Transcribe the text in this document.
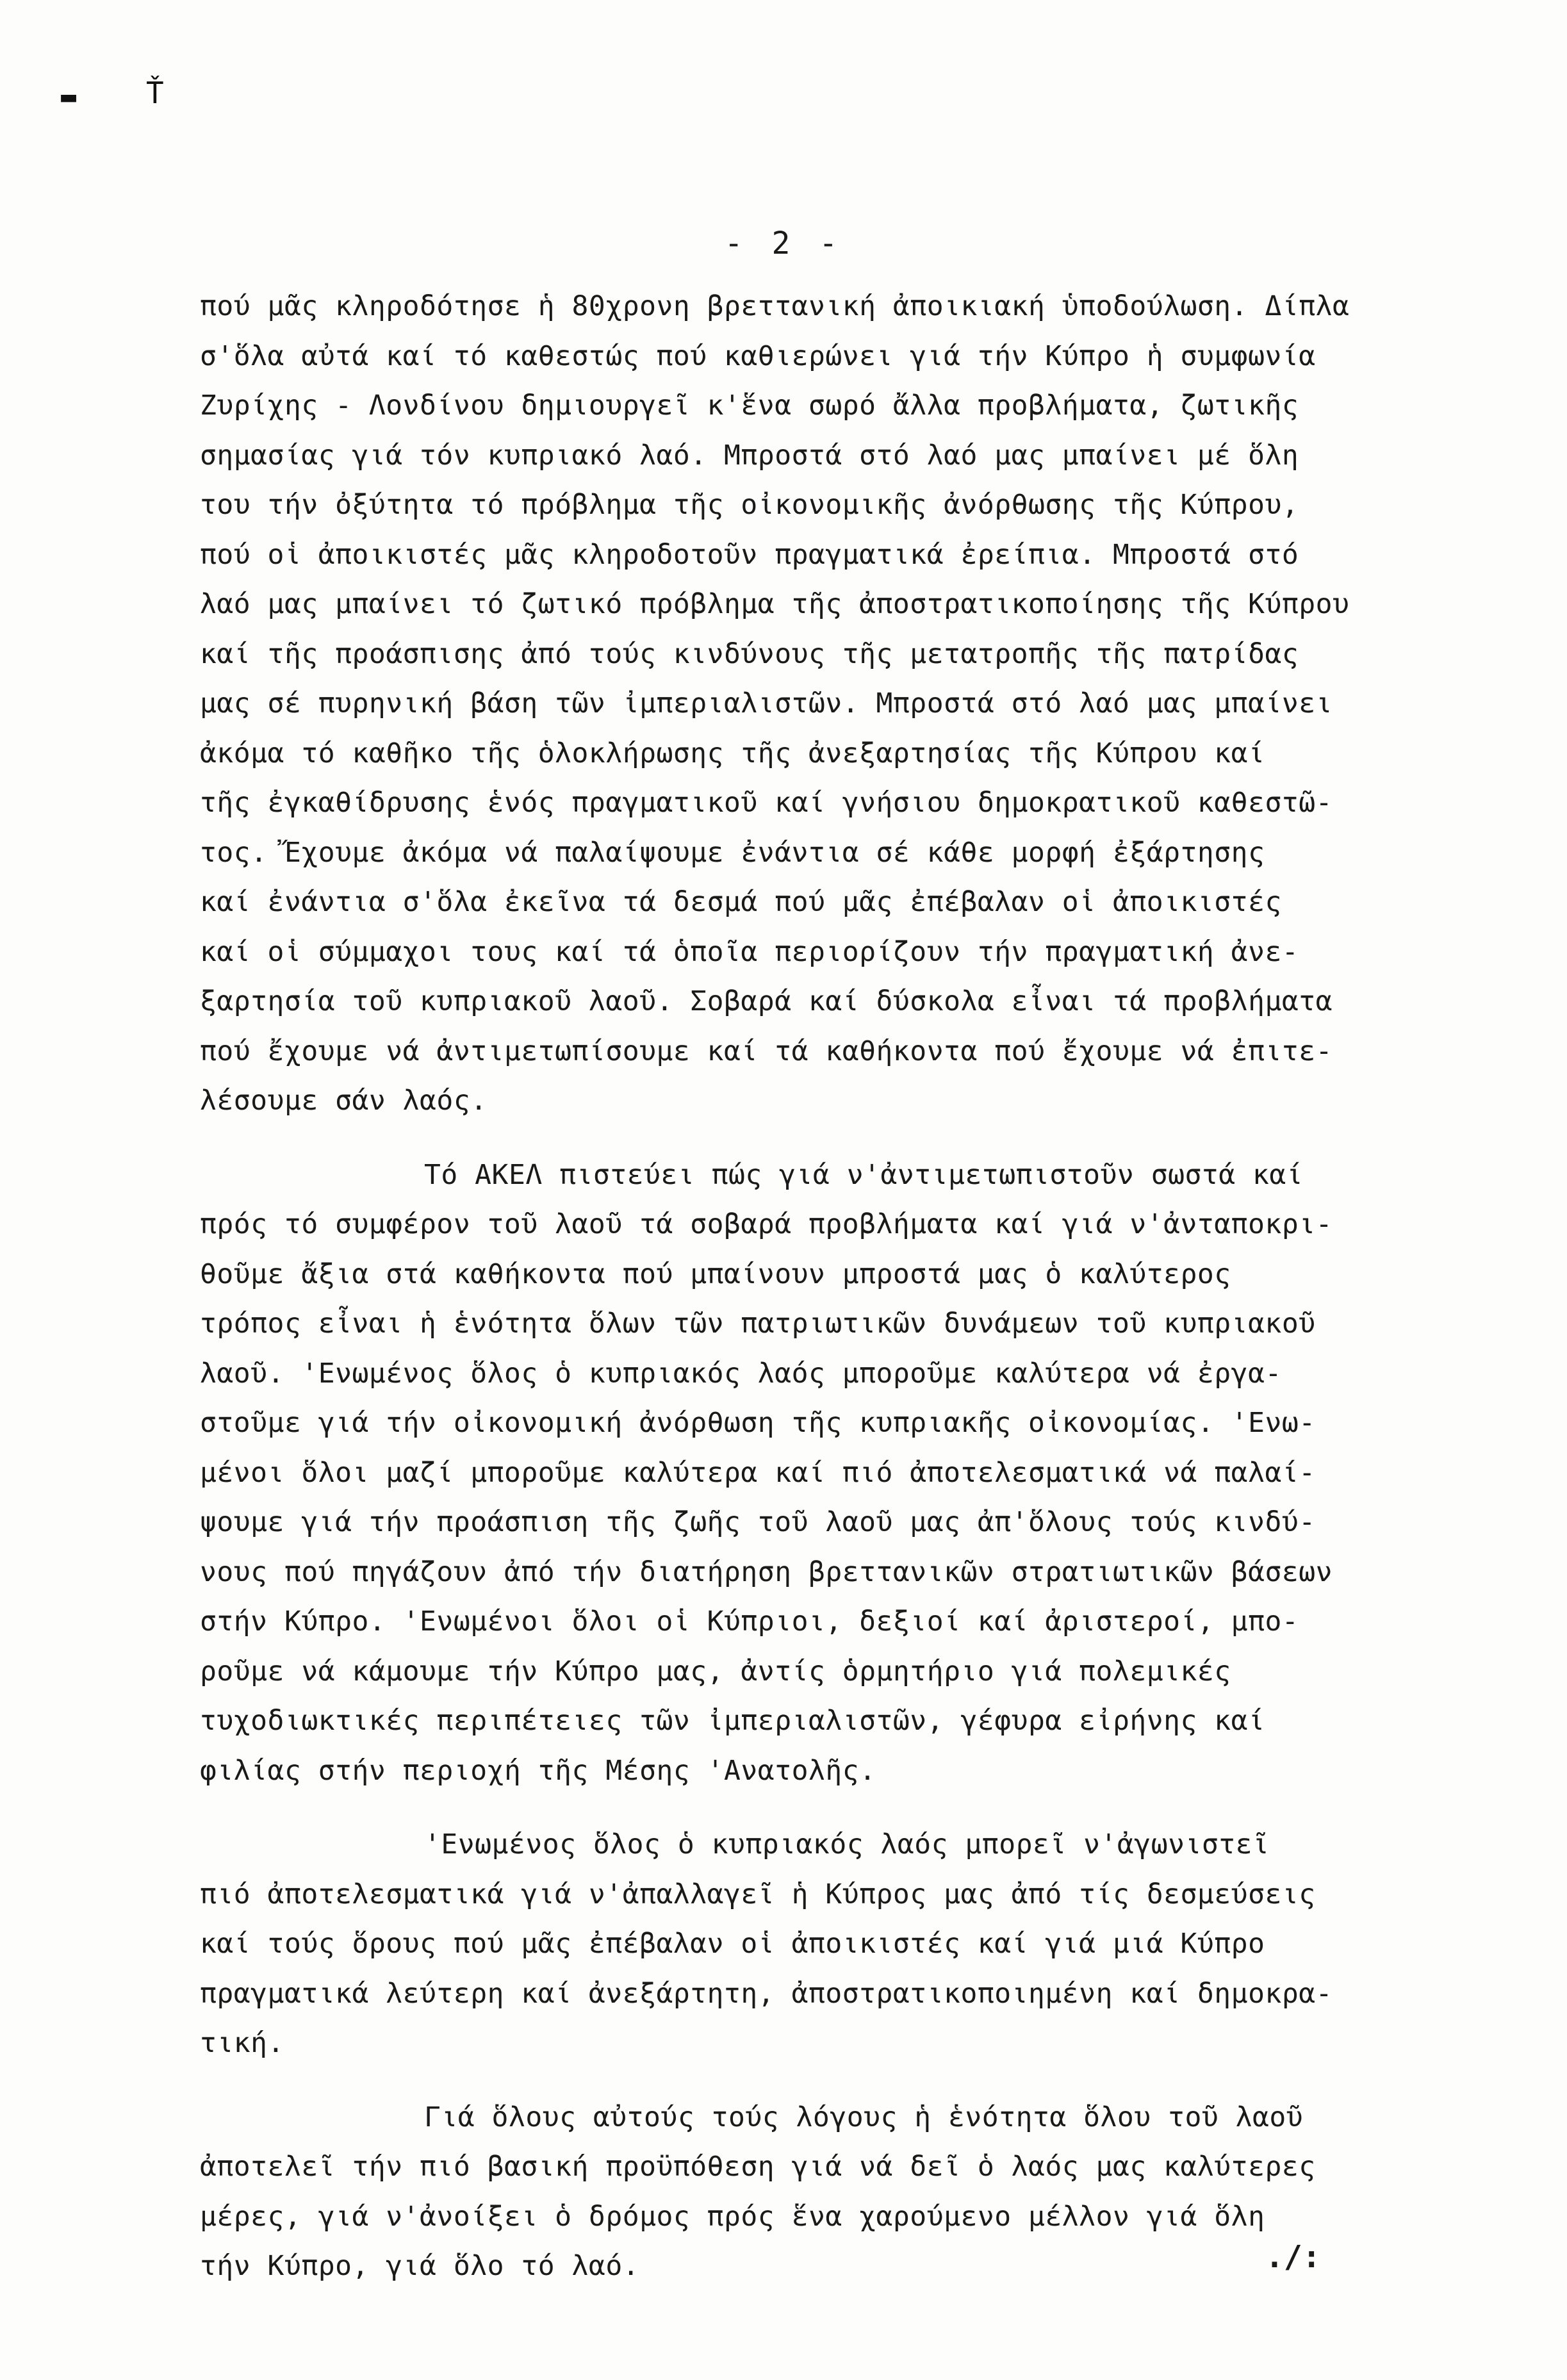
▬ Ť
- 2 -
πού μᾶς κληροδότησε ἡ 80χρονη βρεττανική ἀποικιακή ὑποδούλωση. Δίπλα
σ'ὅλα αὐτά καί τό καθεστώς πού καθιερώνει γιά τήν Κύπρο ἡ συμφωνία
Ζυρίχης - Λονδίνου δημιουργεῖ κ'ἕνα σωρό ἄλλα προβλήματα, ζωτικῆς
σημασίας γιά τόν κυπριακό λαό. Μπροστά στό λαό μας μπαίνει μέ ὅλη
του τήν ὀξύτητα τό πρόβλημα τῆς οἰκονομικῆς ἀνόρθωσης τῆς Κύπρου,
πού οἱ ἀποικιστές μᾶς κληροδοτοῦν πραγματικά ἐρείπια. Μπροστά στό
λαό μας μπαίνει τό ζωτικό πρόβλημα τῆς ἀποστρατικοποίησης τῆς Κύπρου
καί τῆς προάσπισης ἀπό τούς κινδύνους τῆς μετατροπῆς τῆς πατρίδας
μας σέ πυρηνική βάση τῶν ἰμπεριαλιστῶν. Μπροστά στό λαό μας μπαίνει
ἀκόμα τό καθῆκο τῆς ὁλοκλήρωσης τῆς ἀνεξαρτησίας τῆς Κύπρου καί
τῆς ἐγκαθίδρυσης ἑνός πραγματικοῦ καί γνήσιου δημοκρατικοῦ καθεστῶ-
τος. Ἔχουμε ἀκόμα νά παλαίψουμε ἐνάντια σέ κάθε μορφή ἐξάρτησης
καί ἐνάντια σ'ὅλα ἐκεῖνα τά δεσμά πού μᾶς ἐπέβαλαν οἱ ἀποικιστές
καί οἱ σύμμαχοι τους καί τά ὁποῖα περιορίζουν τήν πραγματική ἀνε-
ξαρτησία τοῦ κυπριακοῦ λαοῦ. Σοβαρά καί δύσκολα εἶναι τά προβλήματα
πού ἔχουμε νά ἀντιμετωπίσουμε καί τά καθήκοντα πού ἔχουμε νά ἐπιτε-
λέσουμε σάν λαός.
Τό ΑΚΕΛ πιστεύει πώς γιά ν'ἀντιμετωπιστοῦν σωστά καί
πρός τό συμφέρον τοῦ λαοῦ τά σοβαρά προβλήματα καί γιά ν'ἀνταποκρι-
θοῦμε ἄξια στά καθήκοντα πού μπαίνουν μπροστά μας ὁ καλύτερος
τρόπος εἶναι ἡ ἑνότητα ὅλων τῶν πατριωτικῶν δυνάμεων τοῦ κυπριακοῦ
λαοῦ. 'Ενωμένος ὅλος ὁ κυπριακός λαός μποροῦμε καλύτερα νά ἐργα-
στοῦμε γιά τήν οἰκονομική ἀνόρθωση τῆς κυπριακῆς οἰκονομίας. 'Ενω-
μένοι ὅλοι μαζί μποροῦμε καλύτερα καί πιό ἀποτελεσματικά νά παλαί-
ψουμε γιά τήν προάσπιση τῆς ζωῆς τοῦ λαοῦ μας ἀπ'ὅλους τούς κινδύ-
νους πού πηγάζουν ἀπό τήν διατήρηση βρεττανικῶν στρατιωτικῶν βάσεων
στήν Κύπρο. 'Ενωμένοι ὅλοι οἱ Κύπριοι, δεξιοί καί ἀριστεροί, μπο-
ροῦμε νά κάμουμε τήν Κύπρο μας, ἀντίς ὁρμητήριο γιά πολεμικές
τυχοδιωκτικές περιπέτειες τῶν ἰμπεριαλιστῶν, γέφυρα εἰρήνης καί
φιλίας στήν περιοχή τῆς Μέσης 'Ανατολῆς.
'Ενωμένος ὅλος ὁ κυπριακός λαός μπορεῖ ν'ἀγωνιστεῖ
πιό ἀποτελεσματικά γιά ν'ἀπαλλαγεῖ ἡ Κύπρος μας ἀπό τίς δεσμεύσεις
καί τούς ὅρους πού μᾶς ἐπέβαλαν οἱ ἀποικιστές καί γιά μιά Κύπρο
πραγματικά λεύτερη καί ἀνεξάρτητη, ἀποστρατικοποιημένη καί δημοκρα-
τική.
Γιά ὅλους αὐτούς τούς λόγους ἡ ἑνότητα ὅλου τοῦ λαοῦ
ἀποτελεῖ τήν πιό βασική προϋπόθεση γιά νά δεῖ ὁ λαός μας καλύτερες
μέρες, γιά ν'ἀνοίξει ὁ δρόμος πρός ἕνα χαρούμενο μέλλον γιά ὅλη
τήν Κύπρο, γιά ὅλο τό λαό.	./:
